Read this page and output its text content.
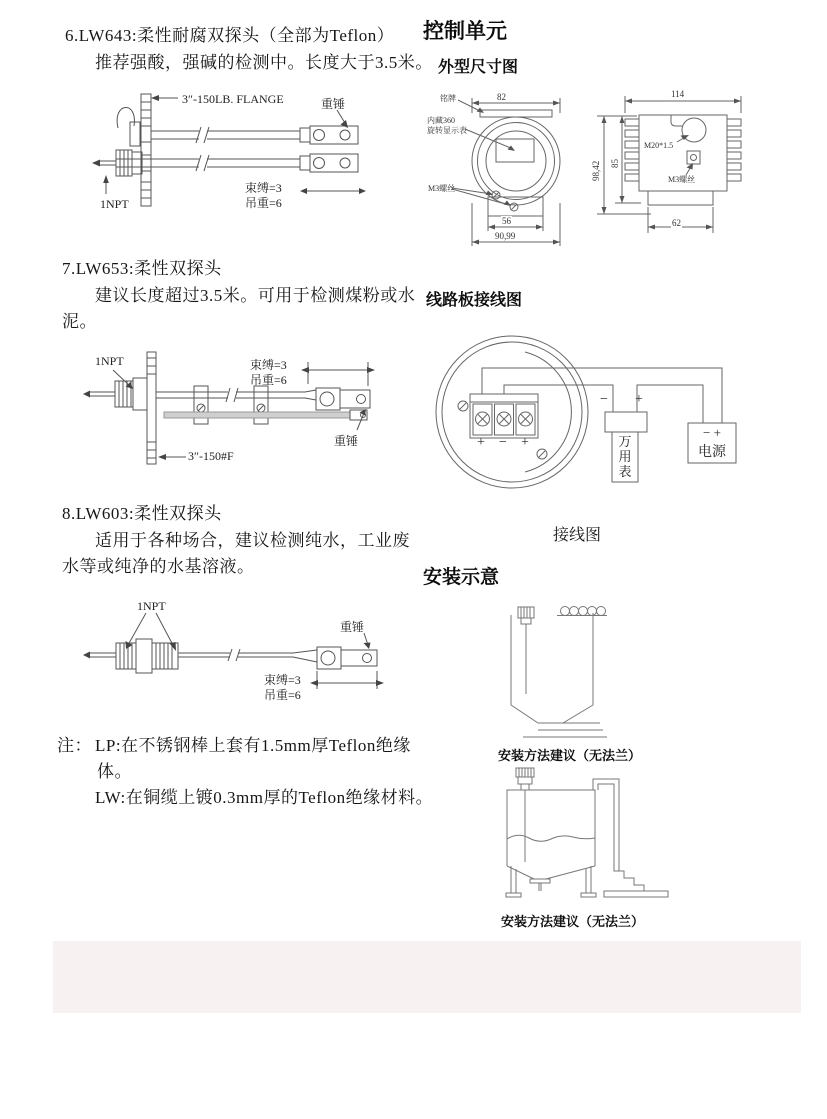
6.LW643:柔性耐腐双探头（全部为Teflon）
推荐强酸，强碱的检测中。长度大于3.5米。
3″-150LB. FLANGE	重锤
束缚=3
吊重=6
1NPT
7.LW653:柔性双探头
建议长度超过3.5米。可用于检测煤粉或水
泥。
1NPT	束缚=3
吊重=6
重锤
3″-150#F
8.LW603:柔性双探头
适用于各种场合，建议检测纯水，工业废
水等或纯净的水基溶液。
1NPT
重锤
束缚=3
吊重=6
注： LP:在不锈钢棒上套有1.5mm厚Teflon绝缘
体。
LW:在铜缆上镀0.3mm厚的Teflon绝缘材料。
控制单元
外型尺寸图
铭牌
内藏360
旋转显示表
M3螺丝
82
56
90,99
114
98,42 85
62
M20*1.5
M3螺丝
线路板接线图
+ − +
− +
万用表
− +
电源
接线图
安装示意
安装方法建议（无法兰）
安装方法建议（无法兰）
